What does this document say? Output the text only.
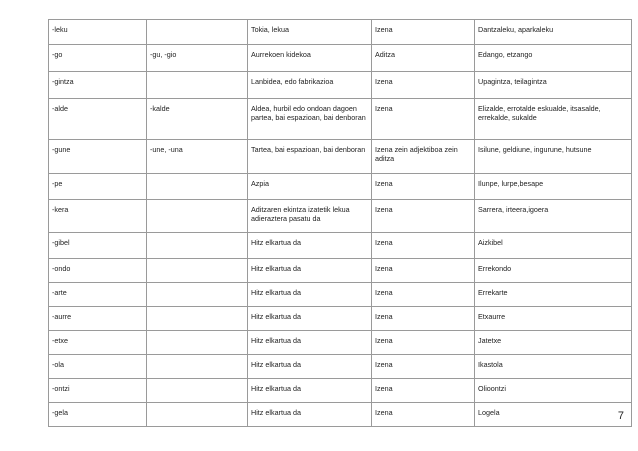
-leku		Tokia, lekua	Izena	Dantzaleku, aparkaleku
-go	-gu, -gio	Aurrekoen kidekoa	Aditza	Edango, etzango
-gintza		Lanbidea, edo fabrikazioa	Izena	Upagintza, teilagintza
-alde	-kalde	Aldea, hurbil edo ondoan dagoen partea, bai espazioan, bai denboran	Izena	Elizalde, errotalde eskualde, itsasalde, errekalde, sukalde
-gune	-une, -una	Tartea, bai espazioan, bai denboran	Izena zein adjektiboa zein aditza	Isilune, geldiune, ingurune, hutsune
-pe		Azpia	Izena	Ilunpe, lurpe,besape
-kera		Aditzaren ekintza izatetik lekua adieraztera pasatu da	Izena	Sarrera, irteera,igoera
-gibel		Hitz elkartua da	Izena	Aizkibel
-ondo		Hitz elkartua da	Izena	Errekondo
-arte		Hitz elkartua da	Izena	Errekarte
-aurre		Hitz elkartua da	Izena	Etxaurre
-etxe		Hitz elkartua da	Izena	Jatetxe
-ola		Hitz elkartua da	Izena	Ikastola
-ontzi		Hitz elkartua da	Izena	Olioontzi
-gela		Hitz elkartua da	Izena	Logela	7
